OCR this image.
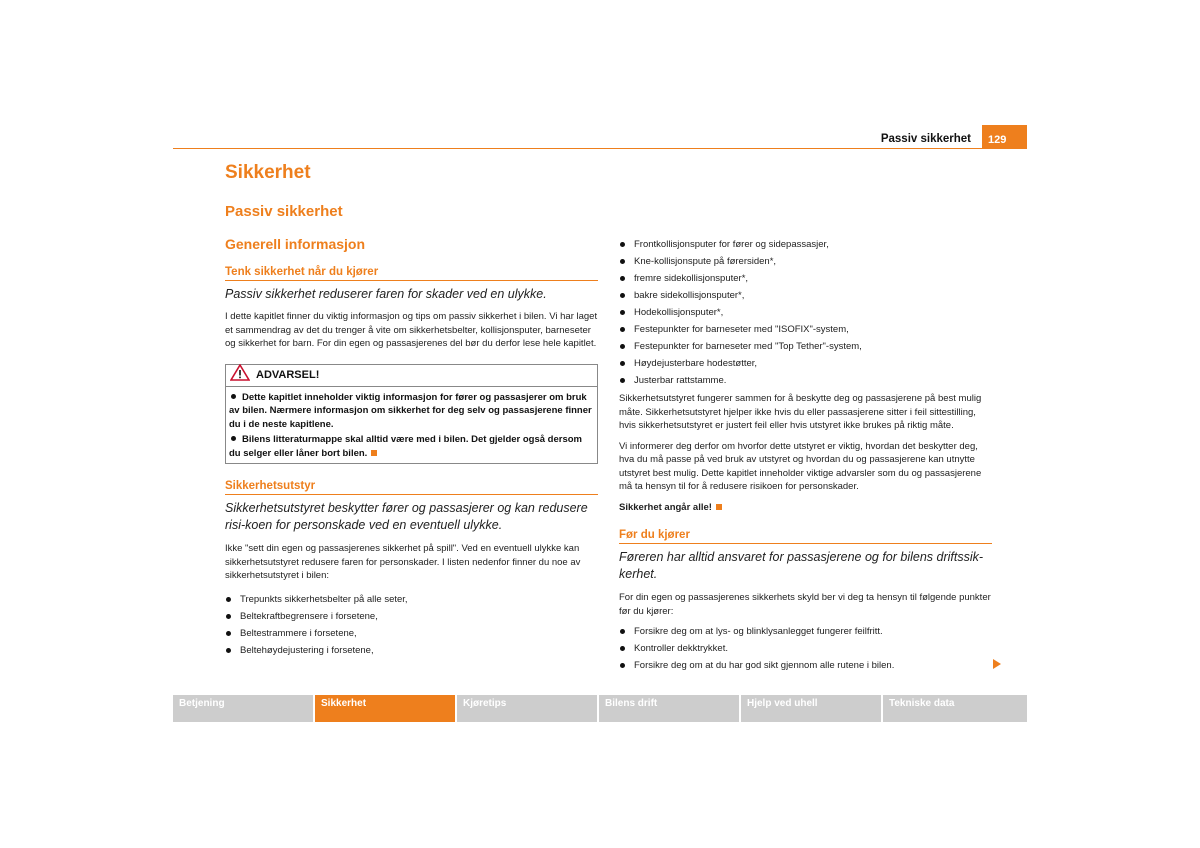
Passiv sikkerhet	129
Sikkerhet
Passiv sikkerhet
Generell informasjon
Tenk sikkerhet når du kjører

Passiv sikkerhet reduserer faren for skader ved en ulykke.

I dette kapitlet finner du viktig informasjon og tips om passiv sikkerhet i bilen. Vi har laget et sammendrag av det du trenger å vite om sikkerhetsbelter, kollisjonsputer, barneseter og sikkerhet for barn. For din egen og passasjerenes del bør du derfor lese hele kapitlet.

ADVARSEL!
Dette kapitlet inneholder viktig informasjon for fører og passasjerer om bruk av bilen. Nærmere informasjon om sikkerhet for deg selv og passasjerene finner du i de neste kapitlene.
Bilens litteraturmappe skal alltid være med i bilen. Det gjelder også dersom du selger eller låner bort bilen.
Sikkerhetsutstyr

Sikkerhetsutstyret beskytter fører og passasjerer og kan redusere risi-koen for personskade ved en eventuell ulykke.

Ikke "sett din egen og passasjerenes sikkerhet på spill". Ved en eventuell ulykke kan sikkerhetsutstyret redusere faren for personskader. I listen nedenfor finner du noe av sikkerhetsutstyret i bilen:

Trepunkts sikkerhetsbelter på alle seter,
Beltekraftbegrensere i forsetene,
Beltestrammere i forsetene,
Beltehøydejustering i forsetene,
Frontkollisjonsputer for fører og sidepassasjer,
Kne-kollisjonspute på førersiden*,
fremre sidekollisjonsputer*,
bakre sidekollisjonsputer*,
Hodekollisjonsputer*,
Festepunkter for barneseter med "ISOFIX"-system,
Festepunkter for barneseter med "Top Tether"-system,
Høydejusterbare hodestøtter,
Justerbar rattstamme.

Sikkerhetsutstyret fungerer sammen for å beskytte deg og passasjerene på best mulig måte. Sikkerhetsutstyret hjelper ikke hvis du eller passasjerene sitter i feil sittestilling, hvis sikkerhetsutstyret er justert feil eller hvis utstyret ikke brukes på riktig måte.

Vi informerer deg derfor om hvorfor dette utstyret er viktig, hvordan det beskytter deg, hva du må passe på ved bruk av utstyret og hvordan du og passasjerene kan utnytte utstyret best mulig. Dette kapitlet inneholder viktige advarsler som du og passasjerene må ta hensyn til for å redusere risikoen for personskader.

Sikkerhet angår alle!

Før du kjører

Føreren har alltid ansvaret for passasjerene og for bilens driftssik-kerhet.

For din egen og passasjerenes sikkerhets skyld ber vi deg ta hensyn til følgende punkter før du kjører:

Forsikre deg om at lys- og blinklysanlegget fungerer feilfritt.
Kontroller dekktrykket.
Forsikre deg om at du har god sikt gjennom alle rutene i bilen.
Betjening	Sikkerhet	Kjøretips	Bilens drift	Hjelp ved uhell	Tekniske data
